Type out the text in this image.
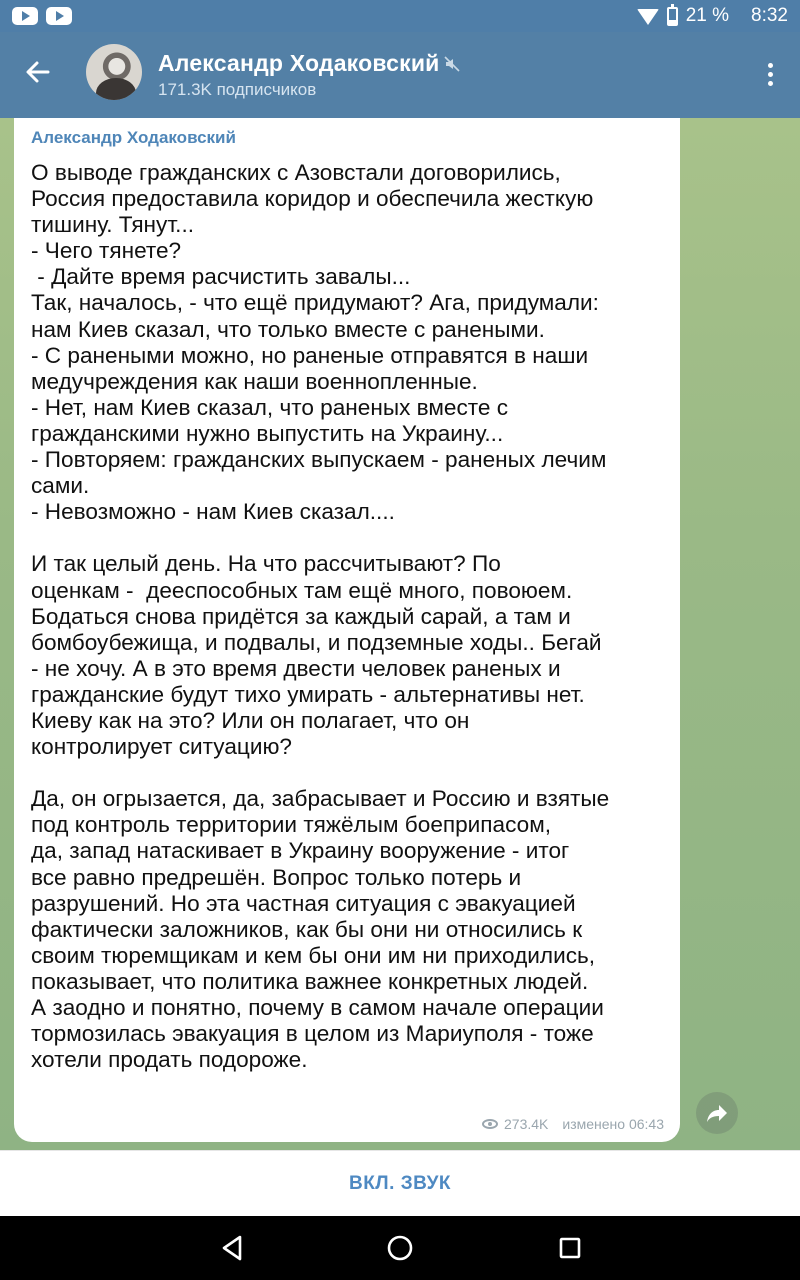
21 % 8:32
Александр Ходаковский
171.3K подписчиков
Александр Ходаковский
О выводе гражданских с Азовстали договорились,
Россия предоставила коридор и обеспечила жесткую
тишину. Тянут...
- Чего тянете?
- Дайте время расчистить завалы...
Так, началось, - что ещё придумают? Ага, придумали:
нам Киев сказал, что только вместе с ранеными.
- С ранеными можно, но раненые отправятся в наши
медучреждения как наши военнопленные.
- Нет, нам Киев сказал, что раненых вместе с
гражданскими нужно выпустить на Украину...
- Повторяем: гражданских выпускаем - раненых лечим
сами.
- Невозможно - нам Киев сказал....

И так целый день. На что рассчитывают? По
оценкам -  дееспособных там ещё много, повоюем.
Бодаться снова придётся за каждый сарай, а там и
бомбоубежища, и подвалы, и подземные ходы.. Бегай
- не хочу. А в это время двести человек раненых и
гражданские будут тихо умирать - альтернативы нет.
Киеву как на это? Или он полагает, что он
контролирует ситуацию?

Да, он огрызается, да, забрасывает и Россию и взятые
под контроль территории тяжёлым боеприпасом,
да, запад натаскивает в Украину вооружение - итог
все равно предрешён. Вопрос только потерь и
разрушений. Но эта частная ситуация с эвакуацией
фактически заложников, как бы они ни относились к
своим тюремщикам и кем бы они им ни приходились,
показывает, что политика важнее конкретных людей.
А заодно и понятно, почему в самом начале операции
тормозилась эвакуация в целом из Мариуполя - тоже
хотели продать подороже.
273.4K изменено 06:43
ВКЛ. ЗВУК
